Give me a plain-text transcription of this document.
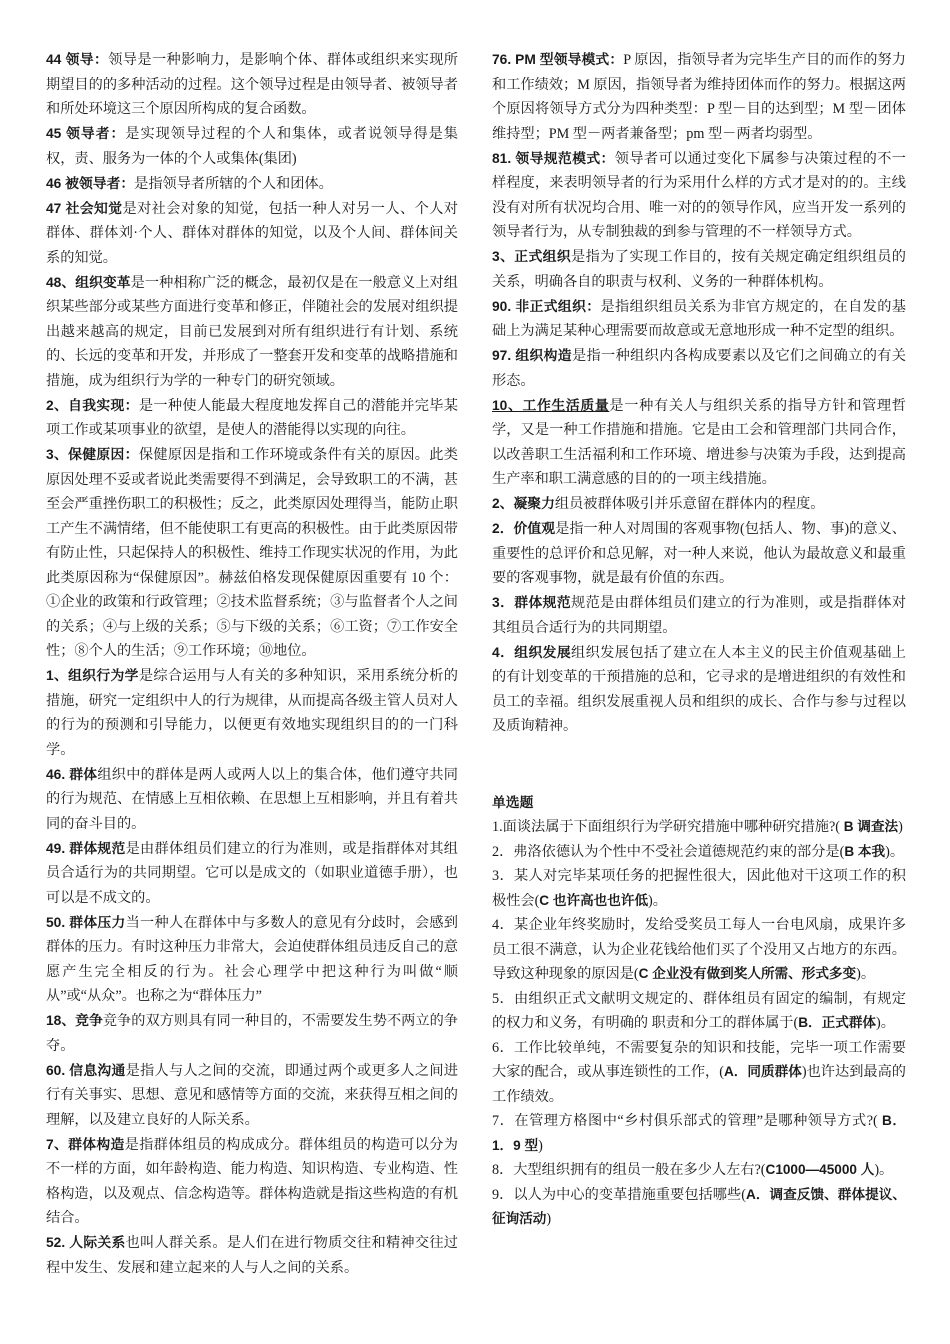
44 领导：领导是一种影响力，是影响个体、群体或组织来实现所期望目的的多种活动的过程。这个领导过程是由领导者、被领导者和所处环境这三个原因所构成的复合函数。

45 领导者：是实现领导过程的个人和集体，或者说领导得是集权，责、服务为一体的个人或集体(集团)

46 被领导者：是指领导者所辖的个人和团体。

47 社会知觉是对社会对象的知觉，包括一种人对另一人、个人对群体、群体刘·个人、群体对群体的知觉，以及个人间、群体间关系的知觉。

48、组织变革是一种相称广泛的概念，最初仅是在一般意义上对组织某些部分或某些方面进行变革和修正，伴随社会的发展对组织提出越来越高的规定，目前已发展到对所有组织进行有计划、系统的、长远的变革和开发，并形成了一整套开发和变革的战略措施和措施，成为组织行为学的一种专门的研究领域。

2、自我实现：是一种使人能最大程度地发挥自己的潜能并完毕某项工作或某项事业的欲望，是使人的潜能得以实现的向往。

3、保健原因：保健原因是指和工作环境或条件有关的原因。此类原因处理不妥或者说此类需要得不到满足，会导致职工的不满，甚至会严重挫伤职工的积极性；反之，此类原因处理得当，能防止职工产生不满情绪，但不能使职工有更高的积极性。由于此类原因带有防止性，只起保持人的积极性、维持工作现实状况的作用，为此此类原因称为“保健原因”。赫兹伯格发现保健原因重要有 10 个：①企业的政策和行政管理；②技术监督系统；③与监督者个人之间的关系；④与上级的关系；⑤与下级的关系；⑥工资；⑦工作安全性；⑧个人的生活；⑨工作环境；⑩地位。

1、组织行为学是综合运用与人有关的多种知识，采用系统分析的措施，研究一定组织中人的行为规律，从而提高各级主管人员对人的行为的预测和引导能力，以便更有效地实现组织目的的一门科学。

46. 群体组织中的群体是两人或两人以上的集合体，他们遵守共同的行为规范、在情感上互相依赖、在思想上互相影响，并且有着共同的奋斗目的。

49. 群体规范是由群体组员们建立的行为准则，或是指群体对其组员合适行为的共同期望。它可以是成文的（如职业道德手册），也可以是不成文的。

50. 群体压力当一种人在群体中与多数人的意见有分歧时，会感到群体的压力。有时这种压力非常大，会迫使群体组员违反自己的意愿产生完全相反的行为。社会心理学中把这种行为叫做“顺从”或“从众”。也称之为“群体压力”

18、竞争竞争的双方则具有同一种目的，不需要发生势不两立的争夺。

60. 信息沟通是指人与人之间的交流，即通过两个或更多人之间进行有关事实、思想、意见和感情等方面的交流，来获得互相之间的理解，以及建立良好的人际关系。

7、群体构造是指群体组员的构成成分。群体组员的构造可以分为不一样的方面，如年龄构造、能力构造、知识构造、专业构造、性格构造，以及观点、信念构造等。群体构造就是指这些构造的有机结合。

52. 人际关系也叫人群关系。是人们在进行物质交往和精神交往过程中发生、发展和建立起来的人与人之间的关系。

76. PM 型领导模式：P 原因，指领导者为完毕生产目的而作的努力和工作绩效；M 原因，指领导者为维持团体而作的努力。根据这两个原因将领导方式分为四种类型：P 型－目的达到型；M 型－团体维持型；PM 型－两者兼备型；pm 型－两者均弱型。

81. 领导规范模式：领导者可以通过变化下属参与决策过程的不一样程度，来表明领导者的行为采用什么样的方式才是对的的。主线没有对所有状况均合用、唯一对的的领导作风，应当开发一系列的领导者行为，从专制独裁的到参与管理的不一样领导方式。

3、正式组织是指为了实现工作目的，按有关规定确定组织组员的关系，明确各自的职责与权利、义务的一种群体机构。

90. 非正式组织：是指组织组员关系为非官方规定的，在自发的基础上为满足某种心理需要而故意或无意地形成一种不定型的组织。

97. 组织构造是指一种组织内各构成要素以及它们之间确立的有关形态。

10、工作生活质量是一种有关人与组织关系的指导方针和管理哲学，又是一种工作措施和措施。它是由工会和管理部门共同合作，以改善职工生活福利和工作环境、增进参与决策为手段，达到提高生产率和职工满意感的目的的一项主线措施。

2、凝聚力组员被群体吸引并乐意留在群体内的程度。

2．价值观是指一种人对周围的客观事物(包括人、物、事)的意义、重要性的总评价和总见解，对一种人来说，他认为最故意义和最重要的客观事物，就是最有价值的东西。

3．群体规范规范是由群体组员们建立的行为准则，或是指群体对其组员合适行为的共同期望。

4．组织发展组织发展包括了建立在人本主义的民主价值观基础上的有计划变革的干预措施的总和，它寻求的是增进组织的有效性和员工的幸福。组织发展重视人员和组织的成长、合作与参与过程以及质询精神。

单选题

1.面谈法属于下面组织行为学研究措施中哪种研究措施?( B 调查法)

2．弗洛依德认为个性中不受社会道德规范约束的部分是(B 本我)。

3．某人对完毕某项任务的把握性很大，因此他对干这项工作的积极性会(C 也许高也也许低)。

4．某企业年终奖励时，发给受奖员工每人一台电风扇，成果许多员工很不满意，认为企业花钱给他们买了个没用又占地方的东西。导致这种现象的原因是(C 企业没有做到奖人所需、形式多变)。

5．由组织正式文献明文规定的、群体组员有固定的编制，有规定的权力和义务，有明确的 职责和分工的群体属于(B．正式群体)。

6．工作比较单纯，不需要复杂的知识和技能，完毕一项工作需要大家的配合，或从事连锁性的工作，(A．同质群体)也许达到最高的工作绩效。

7．在管理方格图中“乡村俱乐部式的管理”是哪种领导方式?( B．1．9 型)

8．大型组织拥有的组员一般在多少人左右?(C1000—45000 人)。

9．以人为中心的变革措施重要包括哪些(A．调查反馈、群体提议、征询活动)
